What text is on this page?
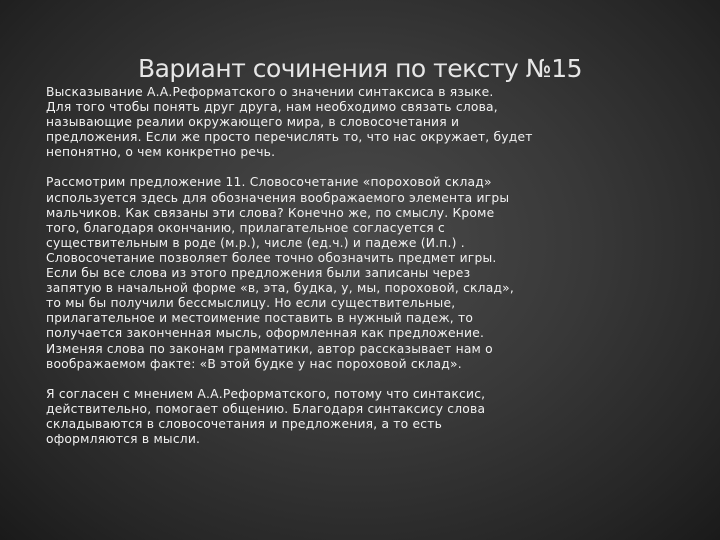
Вариант сочинения по тексту №15

Высказывание А.А.Реформатского о значении синтаксиса в языке.
Для того чтобы понять друг друга, нам необходимо связать слова,
называющие реалии окружающего мира, в словосочетания и
предложения. Если же просто перечислять то, что нас окружает, будет
непонятно, о чем конкретно речь.

Рассмотрим предложение 11. Словосочетание «пороховой склад»
используется здесь для обозначения воображаемого элемента игры
мальчиков. Как связаны эти слова? Конечно же, по смыслу. Кроме
того, благодаря окончанию, прилагательное согласуется с
существительным в роде (м.р.), числе (ед.ч.) и падеже (И.п.) .
Словосочетание позволяет более точно обозначить предмет игры.

Если бы все слова из этого предложения были записаны через
запятую в начальной форме «в, эта, будка, у, мы, пороховой, склад»,
то мы бы получили бессмыслицу. Но если существительные,
прилагательное и местоимение поставить в нужный падеж, то
получается законченная мысль, оформленная как предложение.
Изменяя слова по законам грамматики, автор рассказывает нам о
воображаемом факте: «В этой будке у нас пороховой склад».

Я согласен с мнением А.А.Реформатского, потому что синтаксис,
действительно, помогает общению. Благодаря синтаксису слова
складываются в словосочетания и предложения, а то есть
оформляются в мысли.
